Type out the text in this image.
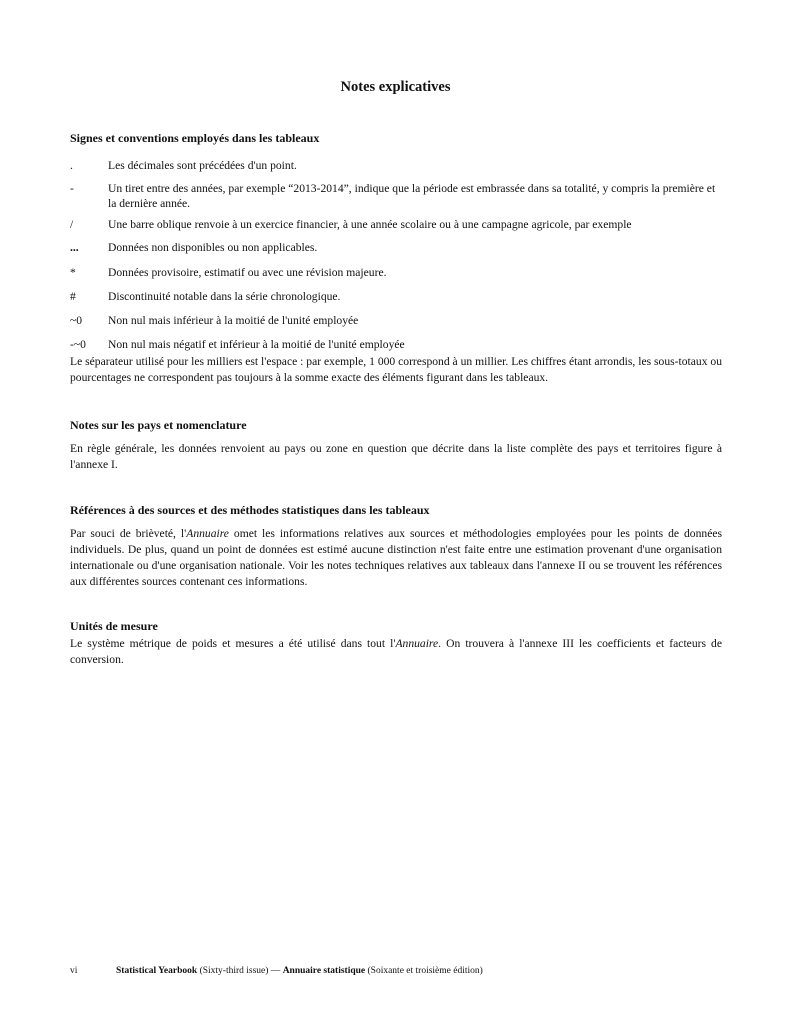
Notes explicatives
Signes et conventions employés dans les tableaux
.	Les décimales sont précédées d'un point.
-	Un tiret entre des années, par exemple “2013-2014”, indique que la période est embrassée dans sa totalité, y compris la première et la dernière année.
/	Une barre oblique renvoie à un exercice financier, à une année scolaire ou à une campagne agricole, par exemple
...	Données non disponibles ou non applicables.
*	Données provisoire, estimatif ou avec une révision majeure.
#	Discontinuité notable dans la série chronologique.
~0 Non nul mais inférieur à la moitié de l'unité employée
-~0 Non nul mais négatif et inférieur à la moitié de l'unité employée
Le séparateur utilisé pour les milliers est l'espace : par exemple, 1 000 correspond à un millier. Les chiffres étant arrondis, les sous-totaux ou pourcentages ne correspondent pas toujours à la somme exacte des éléments figurant dans les tableaux.
Notes sur les pays et nomenclature
En règle générale, les données renvoient au pays ou zone en question que décrite dans la liste complète des pays et territoires figure à l'annexe I.
Références à des sources et des méthodes statistiques dans les tableaux
Par souci de brièveté, l'Annuaire omet les informations relatives aux sources et méthodologies employées pour les points de données individuels. De plus, quand un point de données est estimé aucune distinction n'est faite entre une estimation provenant d'une organisation internationale ou d'une organisation nationale. Voir les notes techniques relatives aux tableaux dans l'annexe II ou se trouvent les références aux différentes sources contenant ces informations.
Unités de mesure
Le système métrique de poids et mesures a été utilisé dans tout l'Annuaire. On trouvera à l'annexe III les coefficients et facteurs de conversion.
vi	Statistical Yearbook (Sixty-third issue) — Annuaire statistique (Soixante et troisième édition)
